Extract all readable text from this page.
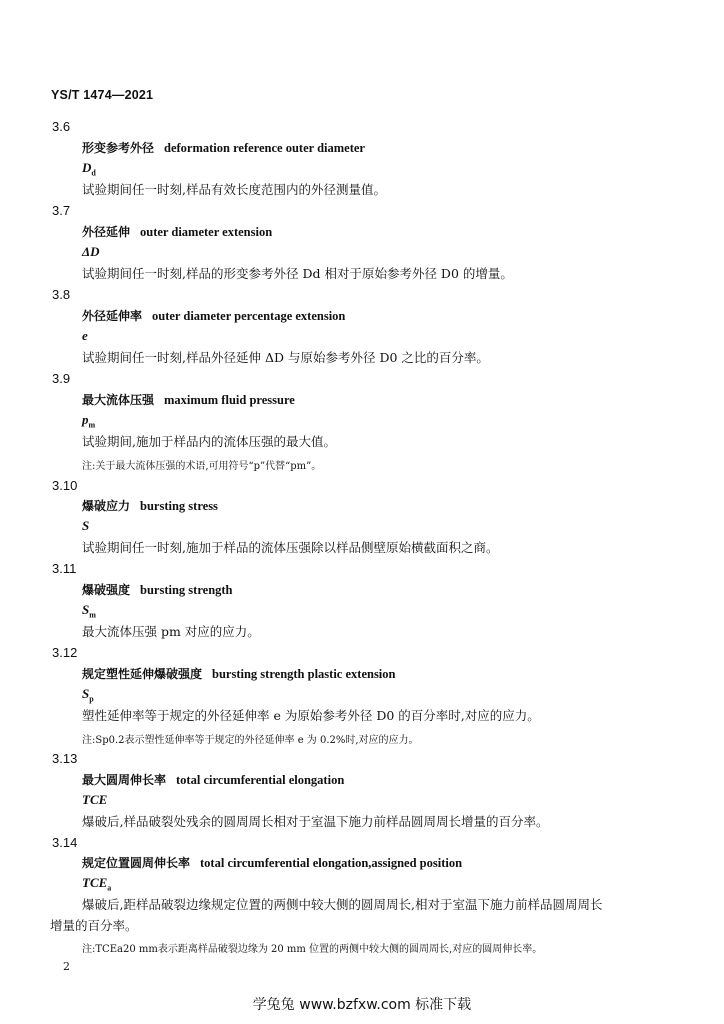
YS/T 1474—2021
3.6
形变参考外径 deformation reference outer diameter
$D_d$
试验期间任一时刻,样品有效长度范围内的外径测量值。
3.7
外径延伸 outer diameter extension
ΔD
试验期间任一时刻,样品的形变参考外径 Dd 相对于原始参考外径 D0 的增量。
3.8
外径延伸率 outer diameter percentage extension
e
试验期间任一时刻,样品外径延伸 ΔD 与原始参考外径 D0 之比的百分率。
3.9
最大流体压强 maximum fluid pressure
$p_m$
试验期间,施加于样品内的流体压强的最大值。
注:关于最大流体压强的术语,可用符号“p”代替“pm”。
3.10
爆破应力 bursting stress
S
试验期间任一时刻,施加于样品的流体压强除以样品侧壁原始横截面积之商。
3.11
爆破强度 bursting strength
$S_m$
最大流体压强 pm 对应的应力。
3.12
规定塑性延伸爆破强度 bursting strength plastic extension
$S_p$
塑性延伸率等于规定的外径延伸率 e 为原始参考外径 D0 的百分率时,对应的应力。
注:Sp0.2表示塑性延伸率等于规定的外径延伸率 e 为 0.2%时,对应的应力。
3.13
最大圆周伸长率 total circumferential elongation
TCE
爆破后,样品破裂处残余的圆周周长相对于室温下施力前样品圆周周长增量的百分率。
3.14
规定位置圆周伸长率 total circumferential elongation,assigned position
$TCE_a$
爆破后,距样品破裂边缘规定位置的两侧中较大侧的圆周周长,相对于室温下施力前样品圆周周长
增量的百分率。
注:TCEa20 mm表示距离样品破裂边缘为 20 mm 位置的两侧中较大侧的圆周周长,对应的圆周伸长率。
2
学兔兔 www.bzfxw.com 标准下载
